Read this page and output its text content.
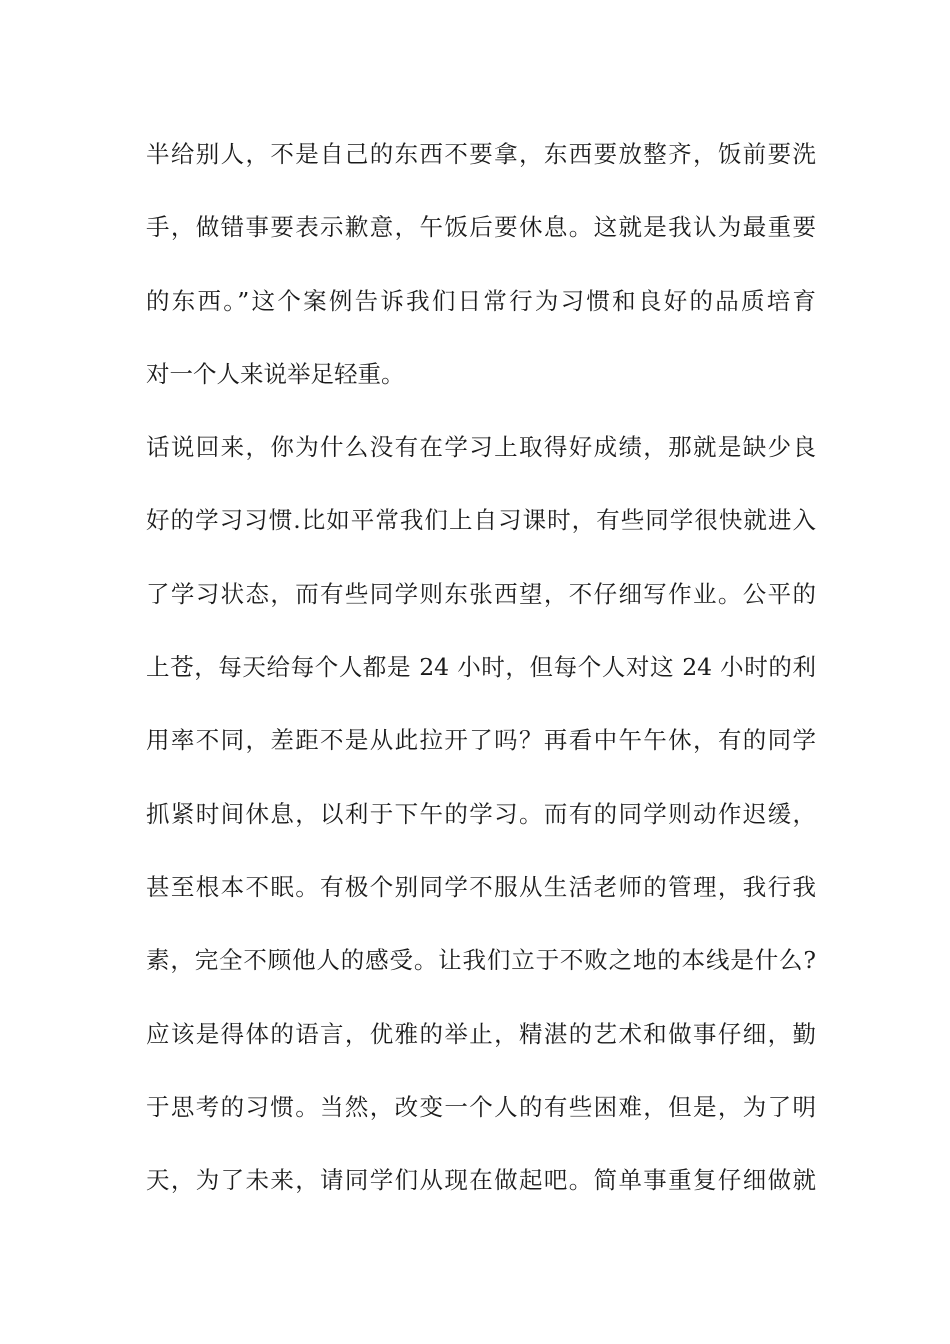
半给别人，不是自己的东西不要拿，东西要放整齐，饭前要洗
手，做错事要表示歉意，午饭后要休息。这就是我认为最重要
的东西。”这个案例告诉我们日常行为习惯和良好的品质培育
对一个人来说举足轻重。
话说回来，你为什么没有在学习上取得好成绩，那就是缺少良
好的学习习惯.比如平常我们上自习课时，有些同学很快就进入
了学习状态，而有些同学则东张西望，不仔细写作业。公平的
上苍，每天给每个人都是 24 小时，但每个人对这 24 小时的利
用率不同，差距不是从此拉开了吗？再看中午午休，有的同学
抓紧时间休息，以利于下午的学习。而有的同学则动作迟缓，
甚至根本不眠。有极个别同学不服从生活老师的管理，我行我
素，完全不顾他人的感受。让我们立于不败之地的本线是什么?
应该是得体的语言，优雅的举止，精湛的艺术和做事仔细，勤
于思考的习惯。当然，改变一个人的有些困难，但是，为了明
天，为了未来，请同学们从现在做起吧。简单事重复仔细做就
